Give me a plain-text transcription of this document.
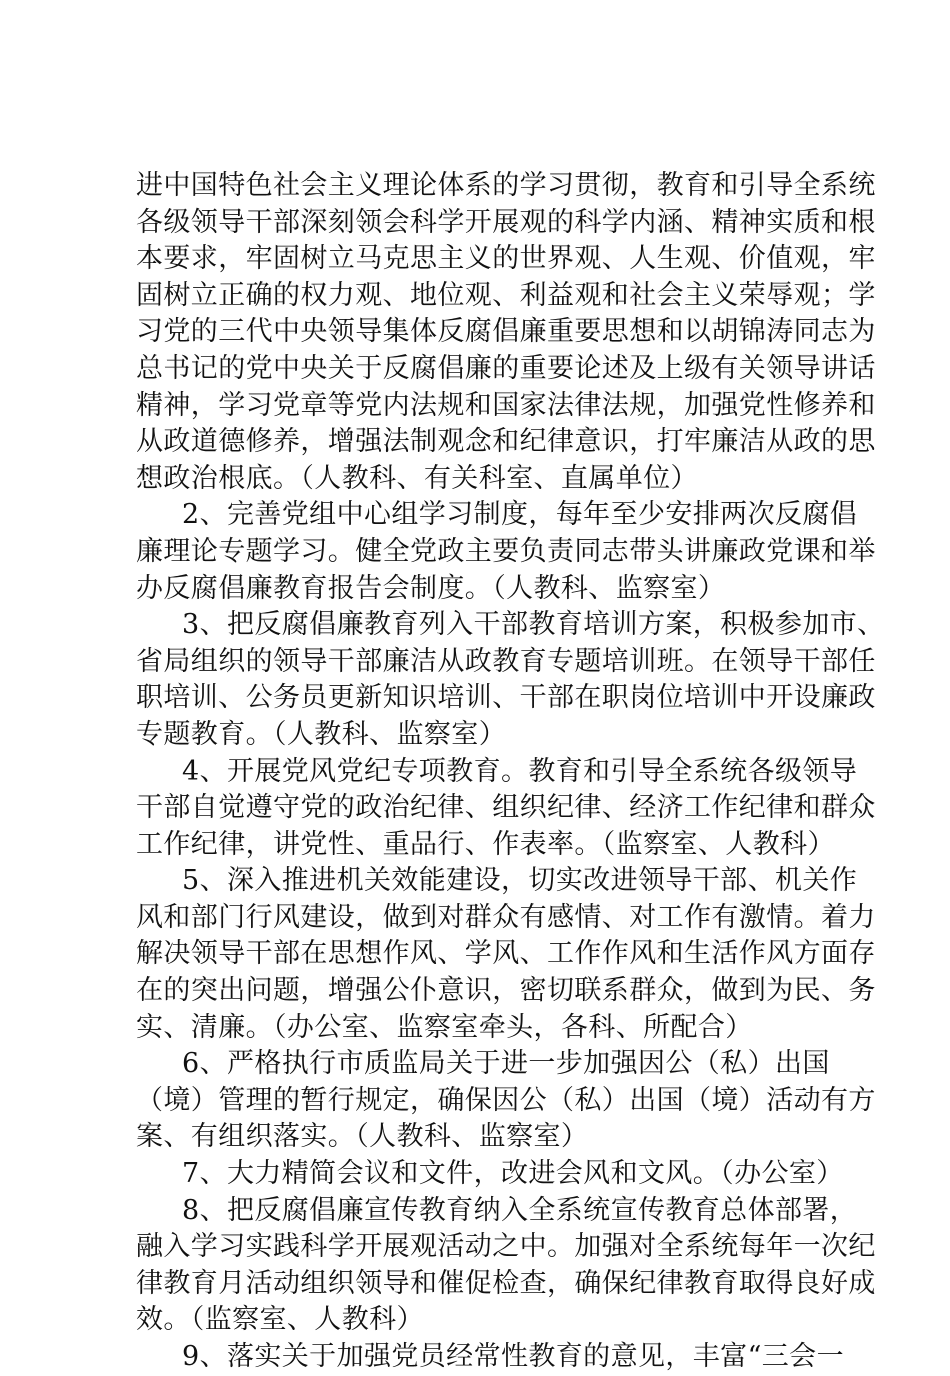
进中国特色社会主义理论体系的学习贯彻，教育和引导全系统
各级领导干部深刻领会科学开展观的科学内涵、精神实质和根
本要求，牢固树立马克思主义的世界观、人生观、价值观，牢
固树立正确的权力观、地位观、利益观和社会主义荣辱观；学
习党的三代中央领导集体反腐倡廉重要思想和以胡锦涛同志为
总书记的党中央关于反腐倡廉的重要论述及上级有关领导讲话
精神，学习党章等党内法规和国家法律法规，加强党性修养和
从政道德修养，增强法制观念和纪律意识，打牢廉洁从政的思
想政治根底。（人教科、有关科室、直属单位）
2、完善党组中心组学习制度，每年至少安排两次反腐倡
廉理论专题学习。健全党政主要负责同志带头讲廉政党课和举
办反腐倡廉教育报告会制度。（人教科、监察室）
3、把反腐倡廉教育列入干部教育培训方案，积极参加市、
省局组织的领导干部廉洁从政教育专题培训班。在领导干部任
职培训、公务员更新知识培训、干部在职岗位培训中开设廉政
专题教育。（人教科、监察室）
4、开展党风党纪专项教育。教育和引导全系统各级领导
干部自觉遵守党的政治纪律、组织纪律、经济工作纪律和群众
工作纪律，讲党性、重品行、作表率。（监察室、人教科）
5、深入推进机关效能建设，切实改进领导干部、机关作
风和部门行风建设，做到对群众有感情、对工作有激情。着力
解决领导干部在思想作风、学风、工作作风和生活作风方面存
在的突出问题，增强公仆意识，密切联系群众，做到为民、务
实、清廉。（办公室、监察室牵头，各科、所配合）
6、严格执行市质监局关于进一步加强因公（私）出国
（境）管理的暂行规定，确保因公（私）出国（境）活动有方
案、有组织落实。（人教科、监察室）
7、大力精简会议和文件，改进会风和文风。（办公室）
8、把反腐倡廉宣传教育纳入全系统宣传教育总体部署，
融入学习实践科学开展观活动之中。加强对全系统每年一次纪
律教育月活动组织领导和催促检查，确保纪律教育取得良好成
效。（监察室、人教科）
9、落实关于加强党员经常性教育的意见，丰富“三会一
